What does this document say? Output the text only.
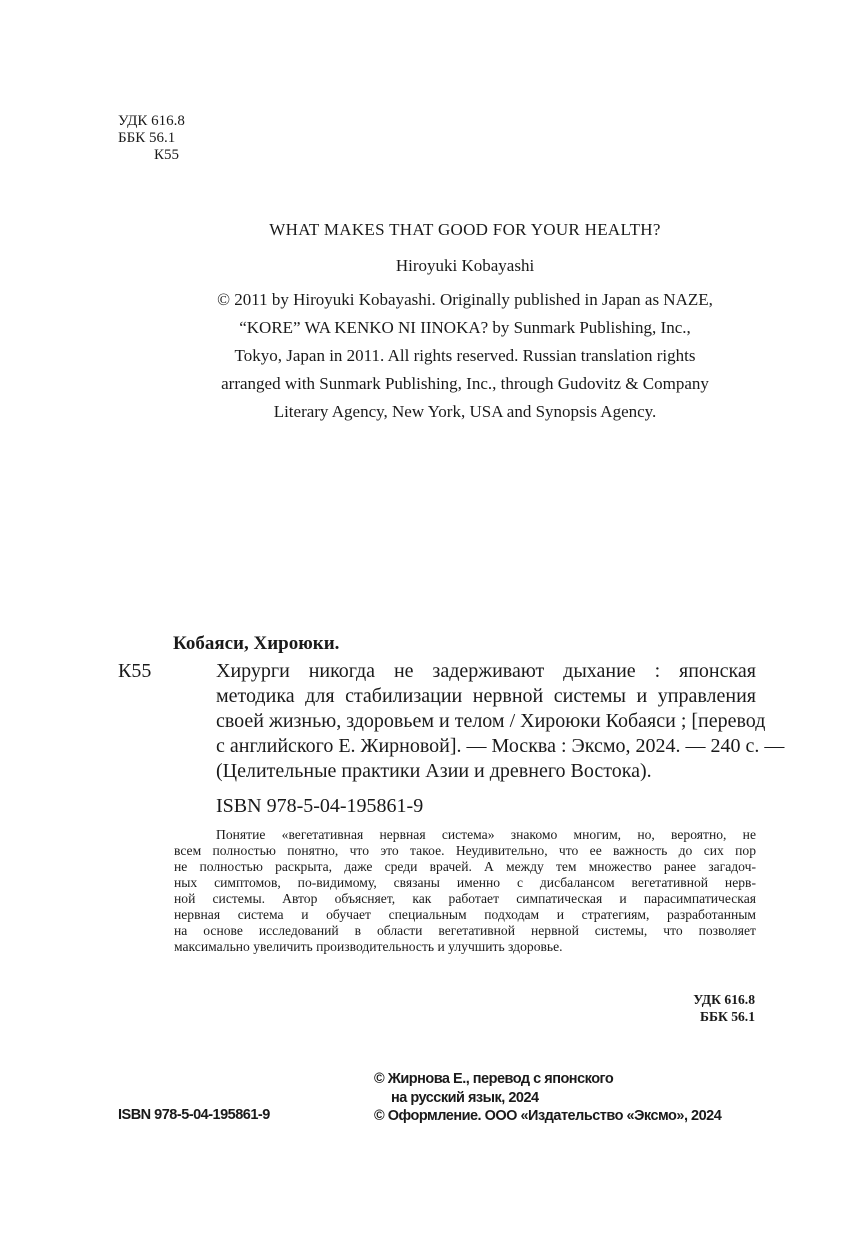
УДК 616.8
ББК 56.1
К55
WHAT MAKES THAT GOOD FOR YOUR HEALTH?
Hiroyuki Kobayashi
© 2011 by Hiroyuki Kobayashi. Originally published in Japan as NAZE,
“KORE” WA KENKO NI IINOKA? by Sunmark Publishing, Inc.,
Tokyo, Japan in 2011. All rights reserved. Russian translation rights
arranged with Sunmark Publishing, Inc., through Gudovitz & Company
Literary Agency, New York, USA and Synopsis Agency.
Кобаяси, Хироюки.
К55	Хирурги никогда не задерживают дыхание : японская
методика для стабилизации нервной системы и управления
своей жизнью, здоровьем и телом / Хироюки Кобаяси ; [перевод
с английского Е. Жирновой]. — Москва : Эксмо, 2024. — 240 с. —
(Целительные практики Азии и древнего Востока).
ISBN 978-5-04-195861-9
Понятие «вегетативная нервная система» знакомо многим, но, вероятно, не
всем полностью понятно, что это такое. Неудивительно, что ее важность до сих пор
не полностью раскрыта, даже среди врачей. А между тем множество ранее загадоч-
ных симптомов, по-видимому, связаны именно с дисбалансом вегетативной нерв-
ной системы. Автор объясняет, как работает симпатическая и парасимпатическая
нервная система и обучает специальным подходам и стратегиям, разработанным
на основе исследований в области вегетативной нервной системы, что позволяет
максимально увеличить производительность и улучшить здоровье.
УДК 616.8
ББК 56.1
ISBN 978-5-04-195861-9
© Жирнова Е., перевод с японского
на русский язык, 2024
© Оформление. ООО «Издательство «Эксмо», 2024
